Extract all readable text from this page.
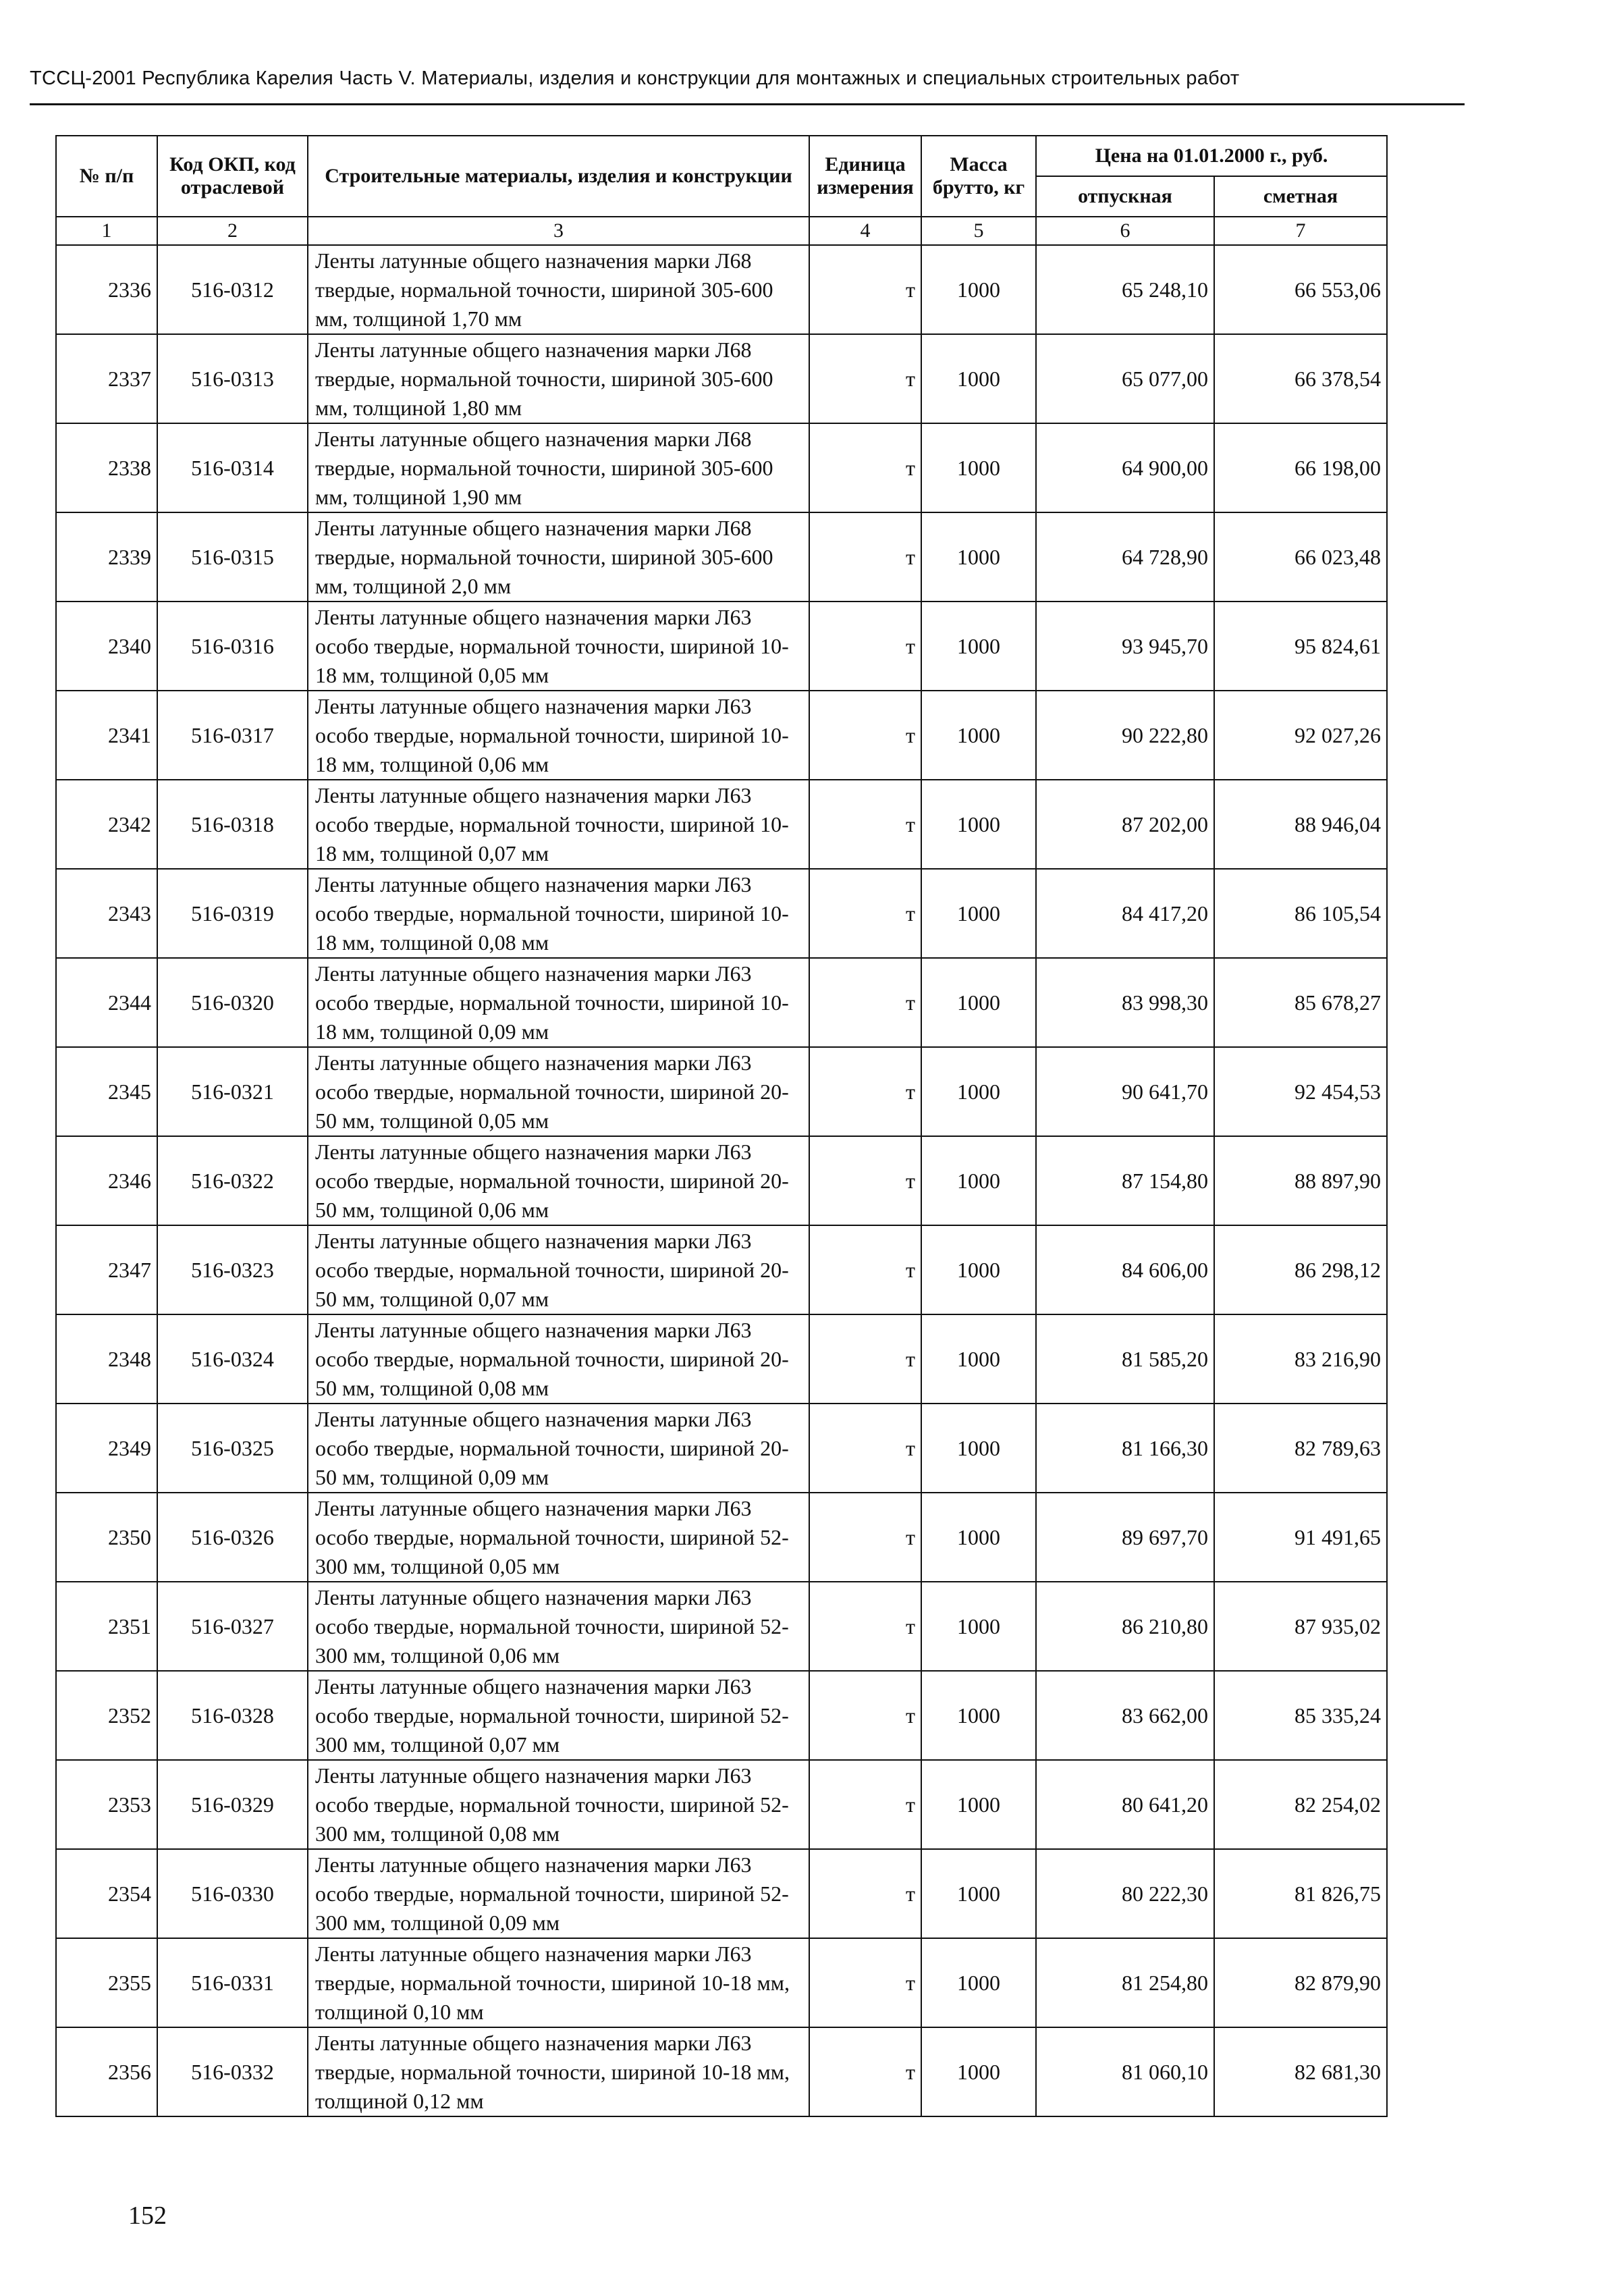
ТССЦ-2001 Республика Карелия Часть V. Материалы, изделия и конструкции для монтажных и специальных строительных работ
№ п/п	Код ОКП, код отраслевой	Строительные материалы, изделия и конструкции	Единица измерения	Масса брутто, кг	Цена на 01.01.2000 г., руб.	
					отпускная	сметная
1	2	3	4	5	6	7
2336	516-0312	Ленты латунные общего назначения марки Л68 твердые, нормальной точности, шириной 305-600 мм, толщиной 1,70 мм	т	1000	65 248,10	66 553,06
2337	516-0313	Ленты латунные общего назначения марки Л68 твердые, нормальной точности, шириной 305-600 мм, толщиной 1,80 мм	т	1000	65 077,00	66 378,54
2338	516-0314	Ленты латунные общего назначения марки Л68 твердые, нормальной точности, шириной 305-600 мм, толщиной 1,90 мм	т	1000	64 900,00	66 198,00
2339	516-0315	Ленты латунные общего назначения марки Л68 твердые, нормальной точности, шириной 305-600 мм, толщиной 2,0 мм	т	1000	64 728,90	66 023,48
2340	516-0316	Ленты латунные общего назначения марки Л63 особо твердые, нормальной точности, шириной 10-18 мм, толщиной 0,05 мм	т	1000	93 945,70	95 824,61
2341	516-0317	Ленты латунные общего назначения марки Л63 особо твердые, нормальной точности, шириной 10-18 мм, толщиной 0,06 мм	т	1000	90 222,80	92 027,26
2342	516-0318	Ленты латунные общего назначения марки Л63 особо твердые, нормальной точности, шириной 10-18 мм, толщиной 0,07 мм	т	1000	87 202,00	88 946,04
2343	516-0319	Ленты латунные общего назначения марки Л63 особо твердые, нормальной точности, шириной 10-18 мм, толщиной 0,08 мм	т	1000	84 417,20	86 105,54
2344	516-0320	Ленты латунные общего назначения марки Л63 особо твердые, нормальной точности, шириной 10-18 мм, толщиной 0,09 мм	т	1000	83 998,30	85 678,27
2345	516-0321	Ленты латунные общего назначения марки Л63 особо твердые, нормальной точности, шириной 20-50 мм, толщиной 0,05 мм	т	1000	90 641,70	92 454,53
2346	516-0322	Ленты латунные общего назначения марки Л63 особо твердые, нормальной точности, шириной 20-50 мм, толщиной 0,06 мм	т	1000	87 154,80	88 897,90
2347	516-0323	Ленты латунные общего назначения марки Л63 особо твердые, нормальной точности, шириной 20-50 мм, толщиной 0,07 мм	т	1000	84 606,00	86 298,12
2348	516-0324	Ленты латунные общего назначения марки Л63 особо твердые, нормальной точности, шириной 20-50 мм, толщиной 0,08 мм	т	1000	81 585,20	83 216,90
2349	516-0325	Ленты латунные общего назначения марки Л63 особо твердые, нормальной точности, шириной 20-50 мм, толщиной 0,09 мм	т	1000	81 166,30	82 789,63
2350	516-0326	Ленты латунные общего назначения марки Л63 особо твердые, нормальной точности, шириной 52-300 мм, толщиной 0,05 мм	т	1000	89 697,70	91 491,65
2351	516-0327	Ленты латунные общего назначения марки Л63 особо твердые, нормальной точности, шириной 52-300 мм, толщиной 0,06 мм	т	1000	86 210,80	87 935,02
2352	516-0328	Ленты латунные общего назначения марки Л63 особо твердые, нормальной точности, шириной 52-300 мм, толщиной 0,07 мм	т	1000	83 662,00	85 335,24
2353	516-0329	Ленты латунные общего назначения марки Л63 особо твердые, нормальной точности, шириной 52-300 мм, толщиной 0,08 мм	т	1000	80 641,20	82 254,02
2354	516-0330	Ленты латунные общего назначения марки Л63 особо твердые, нормальной точности, шириной 52-300 мм, толщиной 0,09 мм	т	1000	80 222,30	81 826,75
2355	516-0331	Ленты латунные общего назначения марки Л63 твердые, нормальной точности, шириной 10-18 мм, толщиной 0,10 мм	т	1000	81 254,80	82 879,90
2356	516-0332	Ленты латунные общего назначения марки Л63 твердые, нормальной точности, шириной 10-18 мм, толщиной 0,12 мм	т	1000	81 060,10	82 681,30
152
